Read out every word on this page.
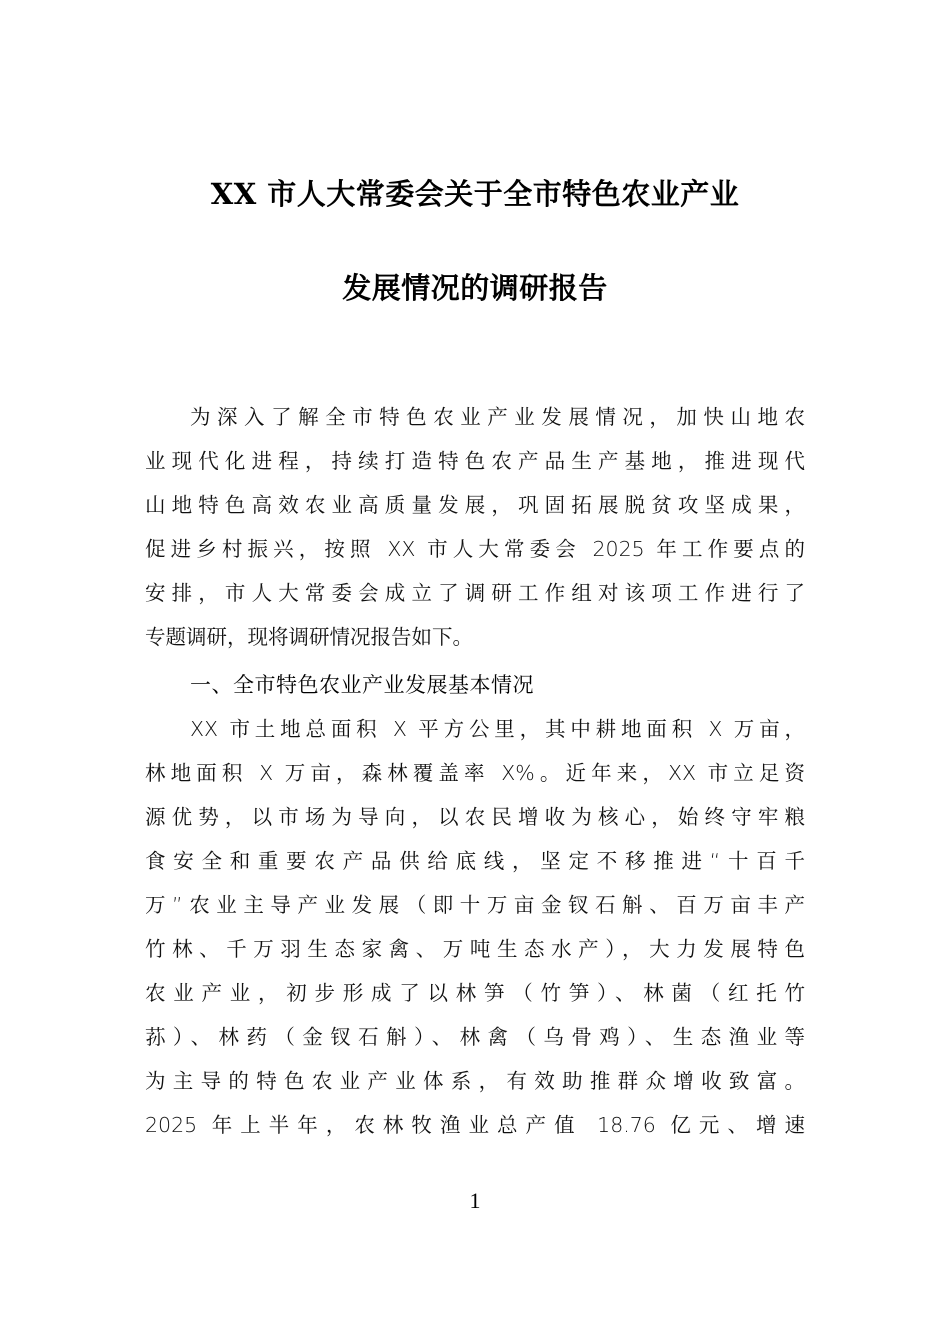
XX 市人大常委会关于全市特色农业产业
发展情况的调研报告
为深入了解全市特色农业产业发展情况，加快山地农
业现代化进程，持续打造特色农产品生产基地，推进现代
山地特色高效农业高质量发展，巩固拓展脱贫攻坚成果，
促进乡村振兴，按照 XX 市人大常委会 2025 年工作要点的
安排，市人大常委会成立了调研工作组对该项工作进行了
专题调研，现将调研情况报告如下。
一、全市特色农业产业发展基本情况
XX 市土地总面积 X 平方公里，其中耕地面积 X 万亩，
林地面积 X 万亩，森林覆盖率 X%。近年来，XX 市立足资
源优势，以市场为导向，以农民增收为核心，始终守牢粮
食安全和重要农产品供给底线，坚定不移推进“十百千
万”农业主导产业发展（即十万亩金钗石斛、百万亩丰产
竹林、千万羽生态家禽、万吨生态水产），大力发展特色
农业产业，初步形成了以林笋（竹笋）、林菌（红托竹
荪）、林药（金钗石斛）、林禽（乌骨鸡）、生态渔业等
为主导的特色农业产业体系，有效助推群众增收致富。
2025 年上半年，农林牧渔业总产值 18.76 亿元、增速
1
